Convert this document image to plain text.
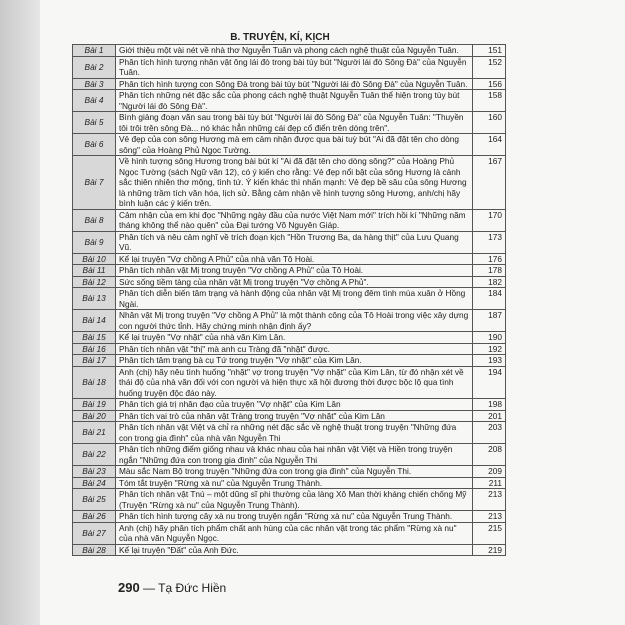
B. TRUYỆN, KÍ, KỊCH
Bài 1	Giới thiệu một vài nét về nhà thơ Nguyễn Tuân và phong cách nghệ thuật của Nguyễn Tuân.	151
Bài 2	Phân tích hình tượng nhân vật ông lái đò trong bài tùy bút "Người lái đò Sông Đà" của Nguyễn Tuân.	152
Bài 3	Phân tích hình tượng con Sông Đà trong bài tùy bút "Người lái đò Sông Đà" của Nguyễn Tuân.	156
Bài 4	Phân tích những nét đặc sắc của phong cách nghệ thuật Nguyễn Tuân thể hiện trong tùy bút "Người lái đò Sông Đà".	158
Bài 5	Bình giảng đoạn văn sau trong bài tùy bút "Người lái đò Sông Đà" của Nguyễn Tuân: "Thuyền tôi trôi trên sông Đà... nó khác hẳn những cái đẹp cổ điển trên dòng trên".	160
Bài 6	Vẻ đẹp của con sông Hương mà em cảm nhận được qua bài tuỳ bút "Ai đã đặt tên cho dòng sông" của Hoàng Phủ Ngọc Tường.	164
Bài 7	Về hình tượng sông Hương trong bài bút kí "Ai đã đặt tên cho dòng sông?" của Hoàng Phủ Ngọc Tường (sách Ngữ văn 12), có ý kiến cho rằng: Vẻ đẹp nổi bật của sông Hương là cảnh sắc thiên nhiên thơ mộng, tình tứ. Ý kiến khác thì nhấn mạnh: Vẻ đẹp bề sâu của sông Hương là những trầm tích văn hóa, lịch sử. Bằng cảm nhận về hình tượng sông Hương, anh/chị hãy bình luận các ý kiến trên.	167
Bài 8	Cảm nhận của em khi đọc "Những ngày đầu của nước Việt Nam mới" trích hồi kí "Những năm tháng không thể nào quên" của Đại tướng Võ Nguyên Giáp.	170
Bài 9	Phân tích và nêu cảm nghĩ về trích đoạn kịch "Hồn Trương Ba, da hàng thịt" của Lưu Quang Vũ.	173
Bài 10	Kể lại truyện "Vợ chồng A Phủ" của nhà văn Tô Hoài.	176
Bài 11	Phân tích nhân vật Mị trong truyện "Vợ chồng A Phủ" của Tô Hoài.	178
Bài 12	Sức sống tiềm tàng của nhân vật Mị trong truyện "Vợ chồng A Phủ".	182
Bài 13	Phân tích diễn biến tâm trạng và hành động của nhân vật Mị trong đêm tình mùa xuân ở Hồng Ngài.	184
Bài 14	Nhân vật Mị trong truyện "Vợ chồng A Phủ" là một thành công của Tô Hoài trong việc xây dựng con người thức tỉnh. Hãy chứng minh nhận định ấy?	187
Bài 15	Kể lại truyện "Vợ nhặt" của nhà văn Kim Lân.	190
Bài 16	Phân tích nhân vật "thị" mà anh cu Tràng đã "nhặt" được.	192
Bài 17	Phân tích tâm trạng bà cụ Tứ trong truyện "Vợ nhặt" của Kim Lân.	193
Bài 18	Anh (chị) hãy nêu tình huống "nhặt" vợ trong truyện "Vợ nhặt" của Kim Lân, từ đó nhận xét về thái độ của nhà văn đối với con người và hiện thực xã hội đương thời được bộc lộ qua tình huống truyện độc đáo này.	194
Bài 19	Phân tích giá trị nhân đạo của truyện "Vợ nhặt" của Kim Lân	198
Bài 20	Phân tích vai trò của nhân vật Tràng trong truyện "Vợ nhặt" của Kim Lân	201
Bài 21	Phân tích nhân vật Việt và chỉ ra những nét đặc sắc về nghệ thuật trong truyện "Những đứa con trong gia đình" của nhà văn Nguyễn Thi	203
Bài 22	Phân tích những điểm giống nhau và khác nhau của hai nhân vật Việt và Hiền trong truyện ngắn "Những đứa con trong gia đình" của Nguyễn Thi	208
Bài 23	Màu sắc Nam Bộ trong truyện "Những đứa con trong gia đình" của Nguyễn Thi.	209
Bài 24	Tóm tắt truyện "Rừng xà nu" của Nguyễn Trung Thành.	211
Bài 25	Phân tích nhân vật Tnú – một dũng sĩ phi thường của làng Xô Man thời kháng chiến chống Mỹ (Truyện "Rừng xà nu" của Nguyễn Trung Thành).	213
Bài 26	Phân tích hình tượng cây xà nu trong truyện ngắn "Rừng xà nu" của Nguyễn Trung Thành.	213
Bài 27	Anh (chị) hãy phân tích phẩm chất anh hùng của các nhân vật trong tác phẩm "Rừng xà nu" của nhà văn Nguyễn Ngọc.	215
Bài 28	Kể lại truyện "Đất" của Anh Đức.	219
290 — Tạ Đức Hiền
